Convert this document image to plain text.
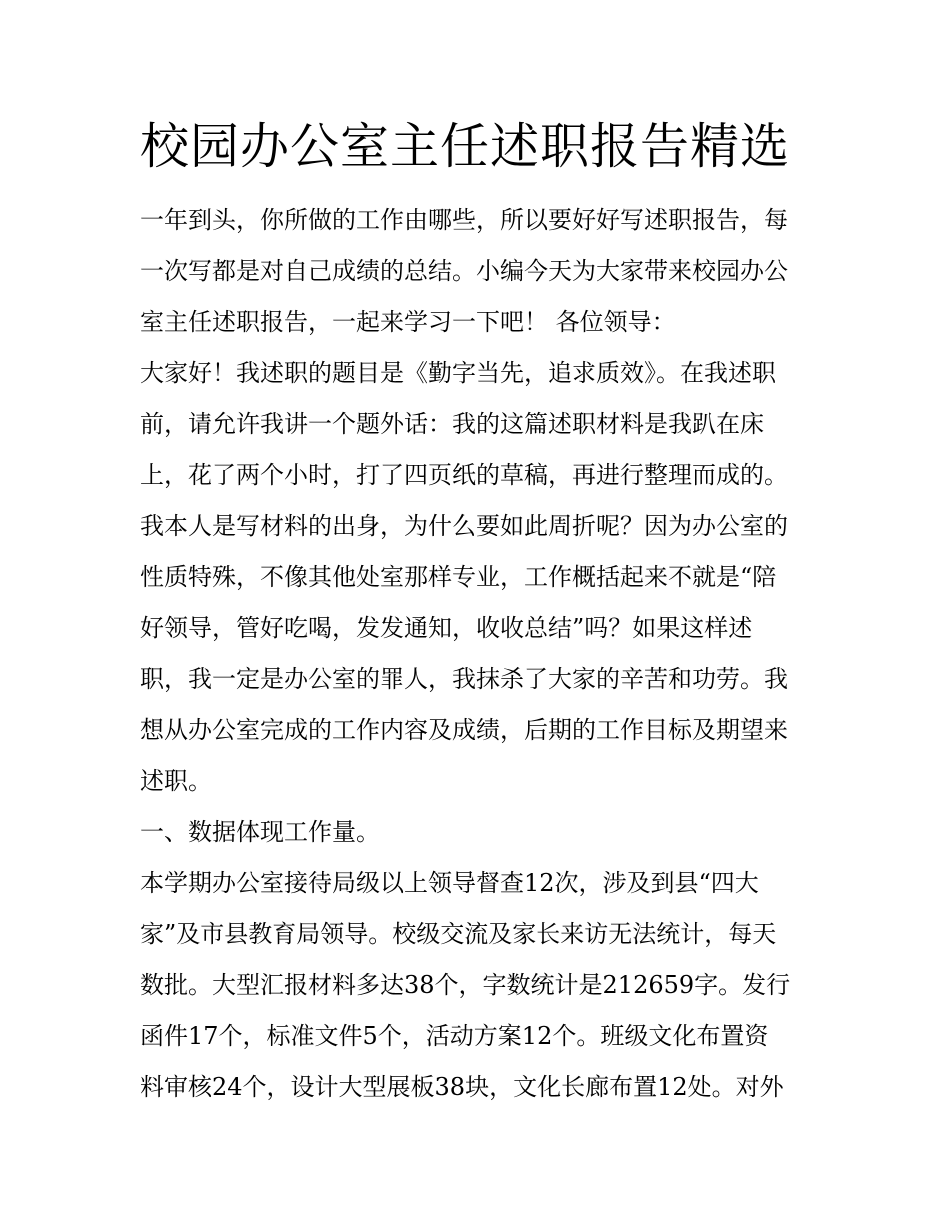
校园办公室主任述职报告精选

一年到头，你所做的工作由哪些，所以要好好写述职报告，每

一次写都是对自己成绩的总结。小编今天为大家带来校园办公

室主任述职报告，一起来学习一下吧！ 各位领导：

大家好！我述职的题目是《勤字当先，追求质效》。在我述职

前，请允许我讲一个题外话：我的这篇述职材料是我趴在床

上，花了两个小时，打了四页纸的草稿，再进行整理而成的。

我本人是写材料的出身，为什么要如此周折呢？因为办公室的

性质特殊，不像其他处室那样专业，工作概括起来不就是“陪

好领导，管好吃喝，发发通知，收收总结”吗？如果这样述

职，我一定是办公室的罪人，我抹杀了大家的辛苦和功劳。我

想从办公室完成的工作内容及成绩，后期的工作目标及期望来

述职。

一、数据体现工作量。

本学期办公室接待局级以上领导督查12次，涉及到县“四大

家”及市县教育局领导。校级交流及家长来访无法统计，每天

数批。大型汇报材料多达38个，字数统计是212659字。发行

函件17个，标准文件5个，活动方案12个。班级文化布置资

料审核24个，设计大型展板38块，文化长廊布置12处。对外
